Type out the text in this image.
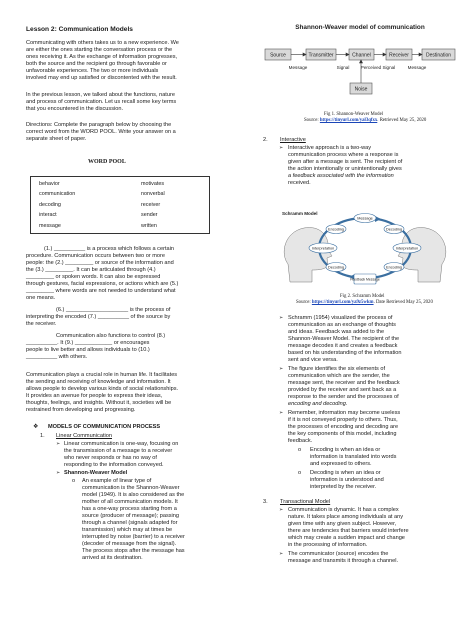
Lesson 2: Communication Models
Communicating with others takes us to a new experience. We
are either the ones starting the conversation process or the
ones receiving it. As the exchange of information progresses,
both the source and the recipient go through favorable or
unfavorable experiences. The two or more individuals
involved may end up satisfied or discontented with the result.
In the previous lesson, we talked about the functions, nature
and process of communication. Let us recall some key terms
that you encountered in the discussion.
Directions: Complete the paragraph below by choosing the
correct word from the WORD POOL. Write your answer on a
separate sheet of paper.
WORD POOL
behavior	motivates
communication	nonverbal
decoding	receiver
interact	sender
message	written
(1.) __________ is a process which follows a certain
procedure. Communication occurs between two or more
people: the (2.) _________ or source of the information and
the (3.) _________. It can be articulated through (4.)
_________ or spoken words. It can also be expressed
through gestures, facial expressions, or actions which are (5.)
_________ where words are not needed to understand what
one means.
(6.) ____________________ is the process of
interpreting the encoded (7.) __________ of the source by
the receiver.
Communication also functions to control (8.)
__________. It (9.) ____________ or encourages
people to live better and allows individuals to (10.)
__________ with others.
Communication plays a crucial role in human life. It facilitates
the sending and receiving of knowledge and information. It
allows people to develop various kinds of social relationships.
It provides an avenue for people to express their ideas,
thoughts, feelings, and insights. Without it, societies will be
restrained from developing and progressing.
❖ MODELS OF COMMUNICATION PROCESS
1. Linear Communication
➢ Linear communication is one-way, focusing on
the transmission of a message to a receiver
who never responds or has no way of
responding to the information conveyed.
➢ Shannon-Weaver Model
o An example of linear type of
communication is the Shannon-Weaver
model (1949). It is also considered as the
mother of all communication models. It
has a one-way process starting from a
source (producer of message); passing
through a channel (signals adapted for
transmission) which may at times be
interrupted by noise (barrier) to a receiver
(decoder of message from the signal).
The process stops after the message has
arrived at its destination.
Shannon-Weaver model of communication
Source	Transmitter	Channel	Receiver	Destination
Noise
Message	Signal Perceived Signal	Message
Fig 1. Shannon-Weaver Model
Source: https://tinyurl.com/yal3qfxx. Retrieved May 25, 2020
2. Interactive
➢ Interactive approach is a two-way
communication process where a response is
given after a message is sent. The recipient of
the action intentionally or unintentionally gives
a feedback associated with the information
received.
Schramm Model
Message
Encoding
Decoding
Interpretation	Interpretation
Decoding
Encoding
Feedback Message
Fig 2. Schramm Model
Source: https://tinyurl.com/ya9z5wkm. Date Retrieved May 25, 2020
➢ Schramm (1954) visualized the process of
communication as an exchange of thoughts
and ideas. Feedback was added to the
Shannon-Weaver Model. The recipient of the
message decodes it and creates a feedback
based on his understanding of the information
sent and vice versa.
➢ The figure identifies the six elements of
communication which are the sender, the
message sent, the receiver and the feedback
provided by the receiver and sent back as a
response to the sender and the processes of
encoding and decoding.
➢ Remember, information may become useless
if it is not conveyed properly to others. Thus,
the processes of encoding and decoding are
the key components of this model, including
feedback.
o Encoding is when an idea or
information is translated into words
and expressed to others.
o Decoding is when an idea or
information is understood and
interpreted by the receiver.
3. Transactional Model
➢ Communication is dynamic. It has a complex
nature. It takes place among individuals at any
given time with any given subject. However,
there are tendencies that barriers would interfere
which may create a sudden impact and change
in the processing of information.
➢ The communicator (source) encodes the
message and transmits it through a channel.
